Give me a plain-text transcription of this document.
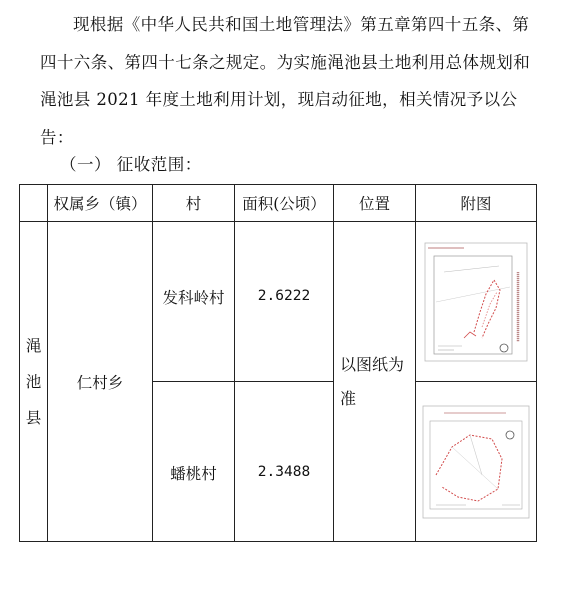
现根据《中华人民共和国土地管理法》第五章第四十五条、第四十六条、第四十七条之规定。为实施渑池县土地利用总体规划和渑池县 2021 年度土地利用计划，现启动征地，相关情况予以公告：
（一） 征收范围：
	权属乡（镇）	村	面积(公顷）	位置	附图

渑
池
县	仁村乡	发科岭村	2.6222	以图纸为准	

		蟠桃村	2.3488	
